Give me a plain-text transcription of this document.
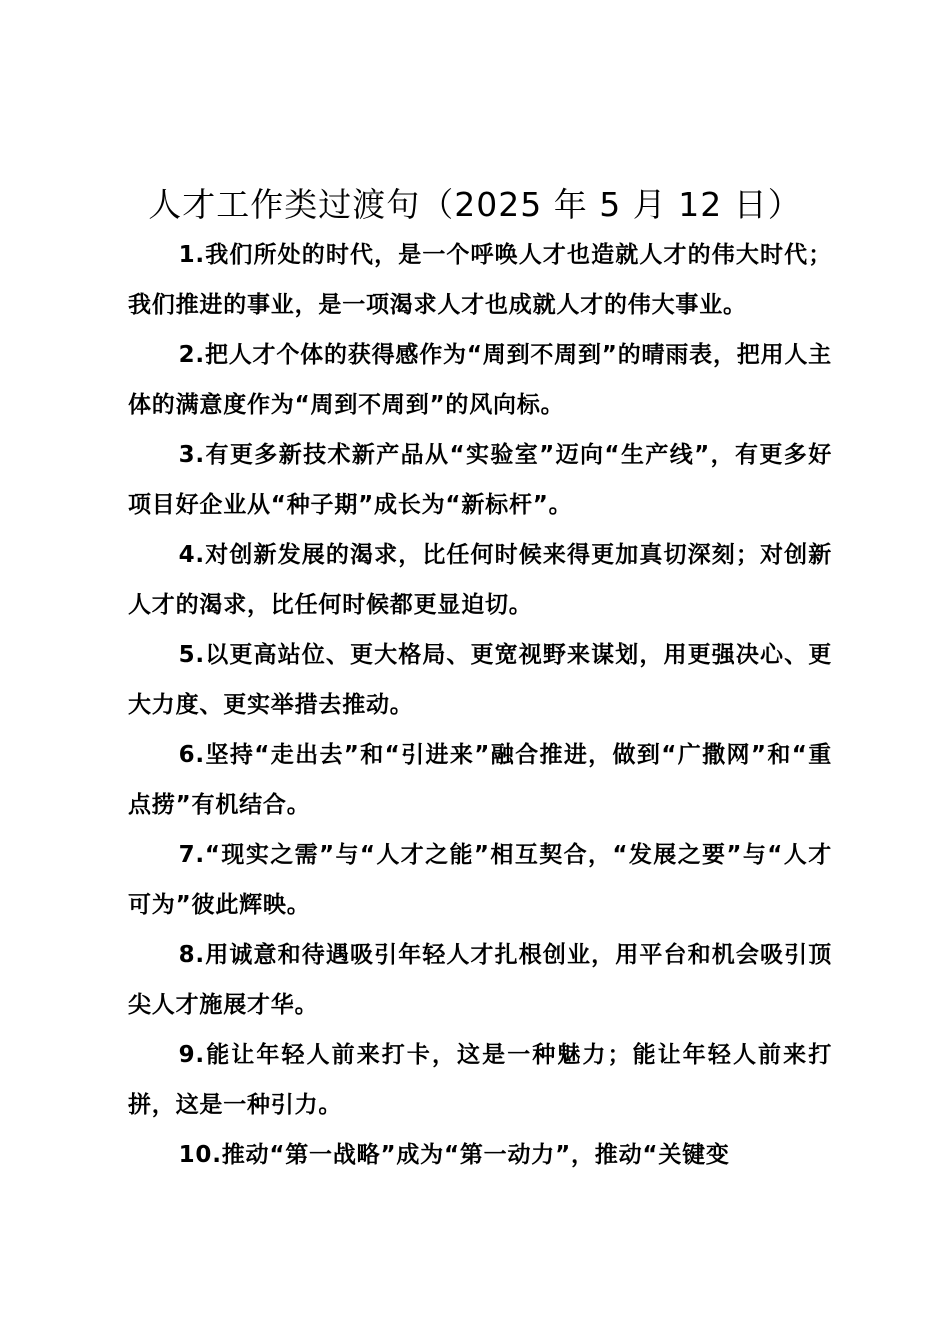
人才工作类过渡句（2025 年 5 月 12 日）

1.我们所处的时代，是一个呼唤人才也造就人才的伟大时代；我们推进的事业，是一项渴求人才也成就人才的伟大事业。

2.把人才个体的获得感作为“周到不周到”的晴雨表，把用人主体的满意度作为“周到不周到”的风向标。

3.有更多新技术新产品从“实验室”迈向“生产线”，有更多好项目好企业从“种子期”成长为“新标杆”。

4.对创新发展的渴求，比任何时候来得更加真切深刻；对创新人才的渴求，比任何时候都更显迫切。

5.以更高站位、更大格局、更宽视野来谋划，用更强决心、更大力度、更实举措去推动。

6.坚持“走出去”和“引进来”融合推进，做到“广撒网”和“重点捞”有机结合。

7.“现实之需”与“人才之能”相互契合，“发展之要”与“人才可为”彼此辉映。

8.用诚意和待遇吸引年轻人才扎根创业，用平台和机会吸引顶尖人才施展才华。

9.能让年轻人前来打卡，这是一种魅力；能让年轻人前来打拼，这是一种引力。

10.推动“第一战略”成为“第一动力”，推动“关键变
